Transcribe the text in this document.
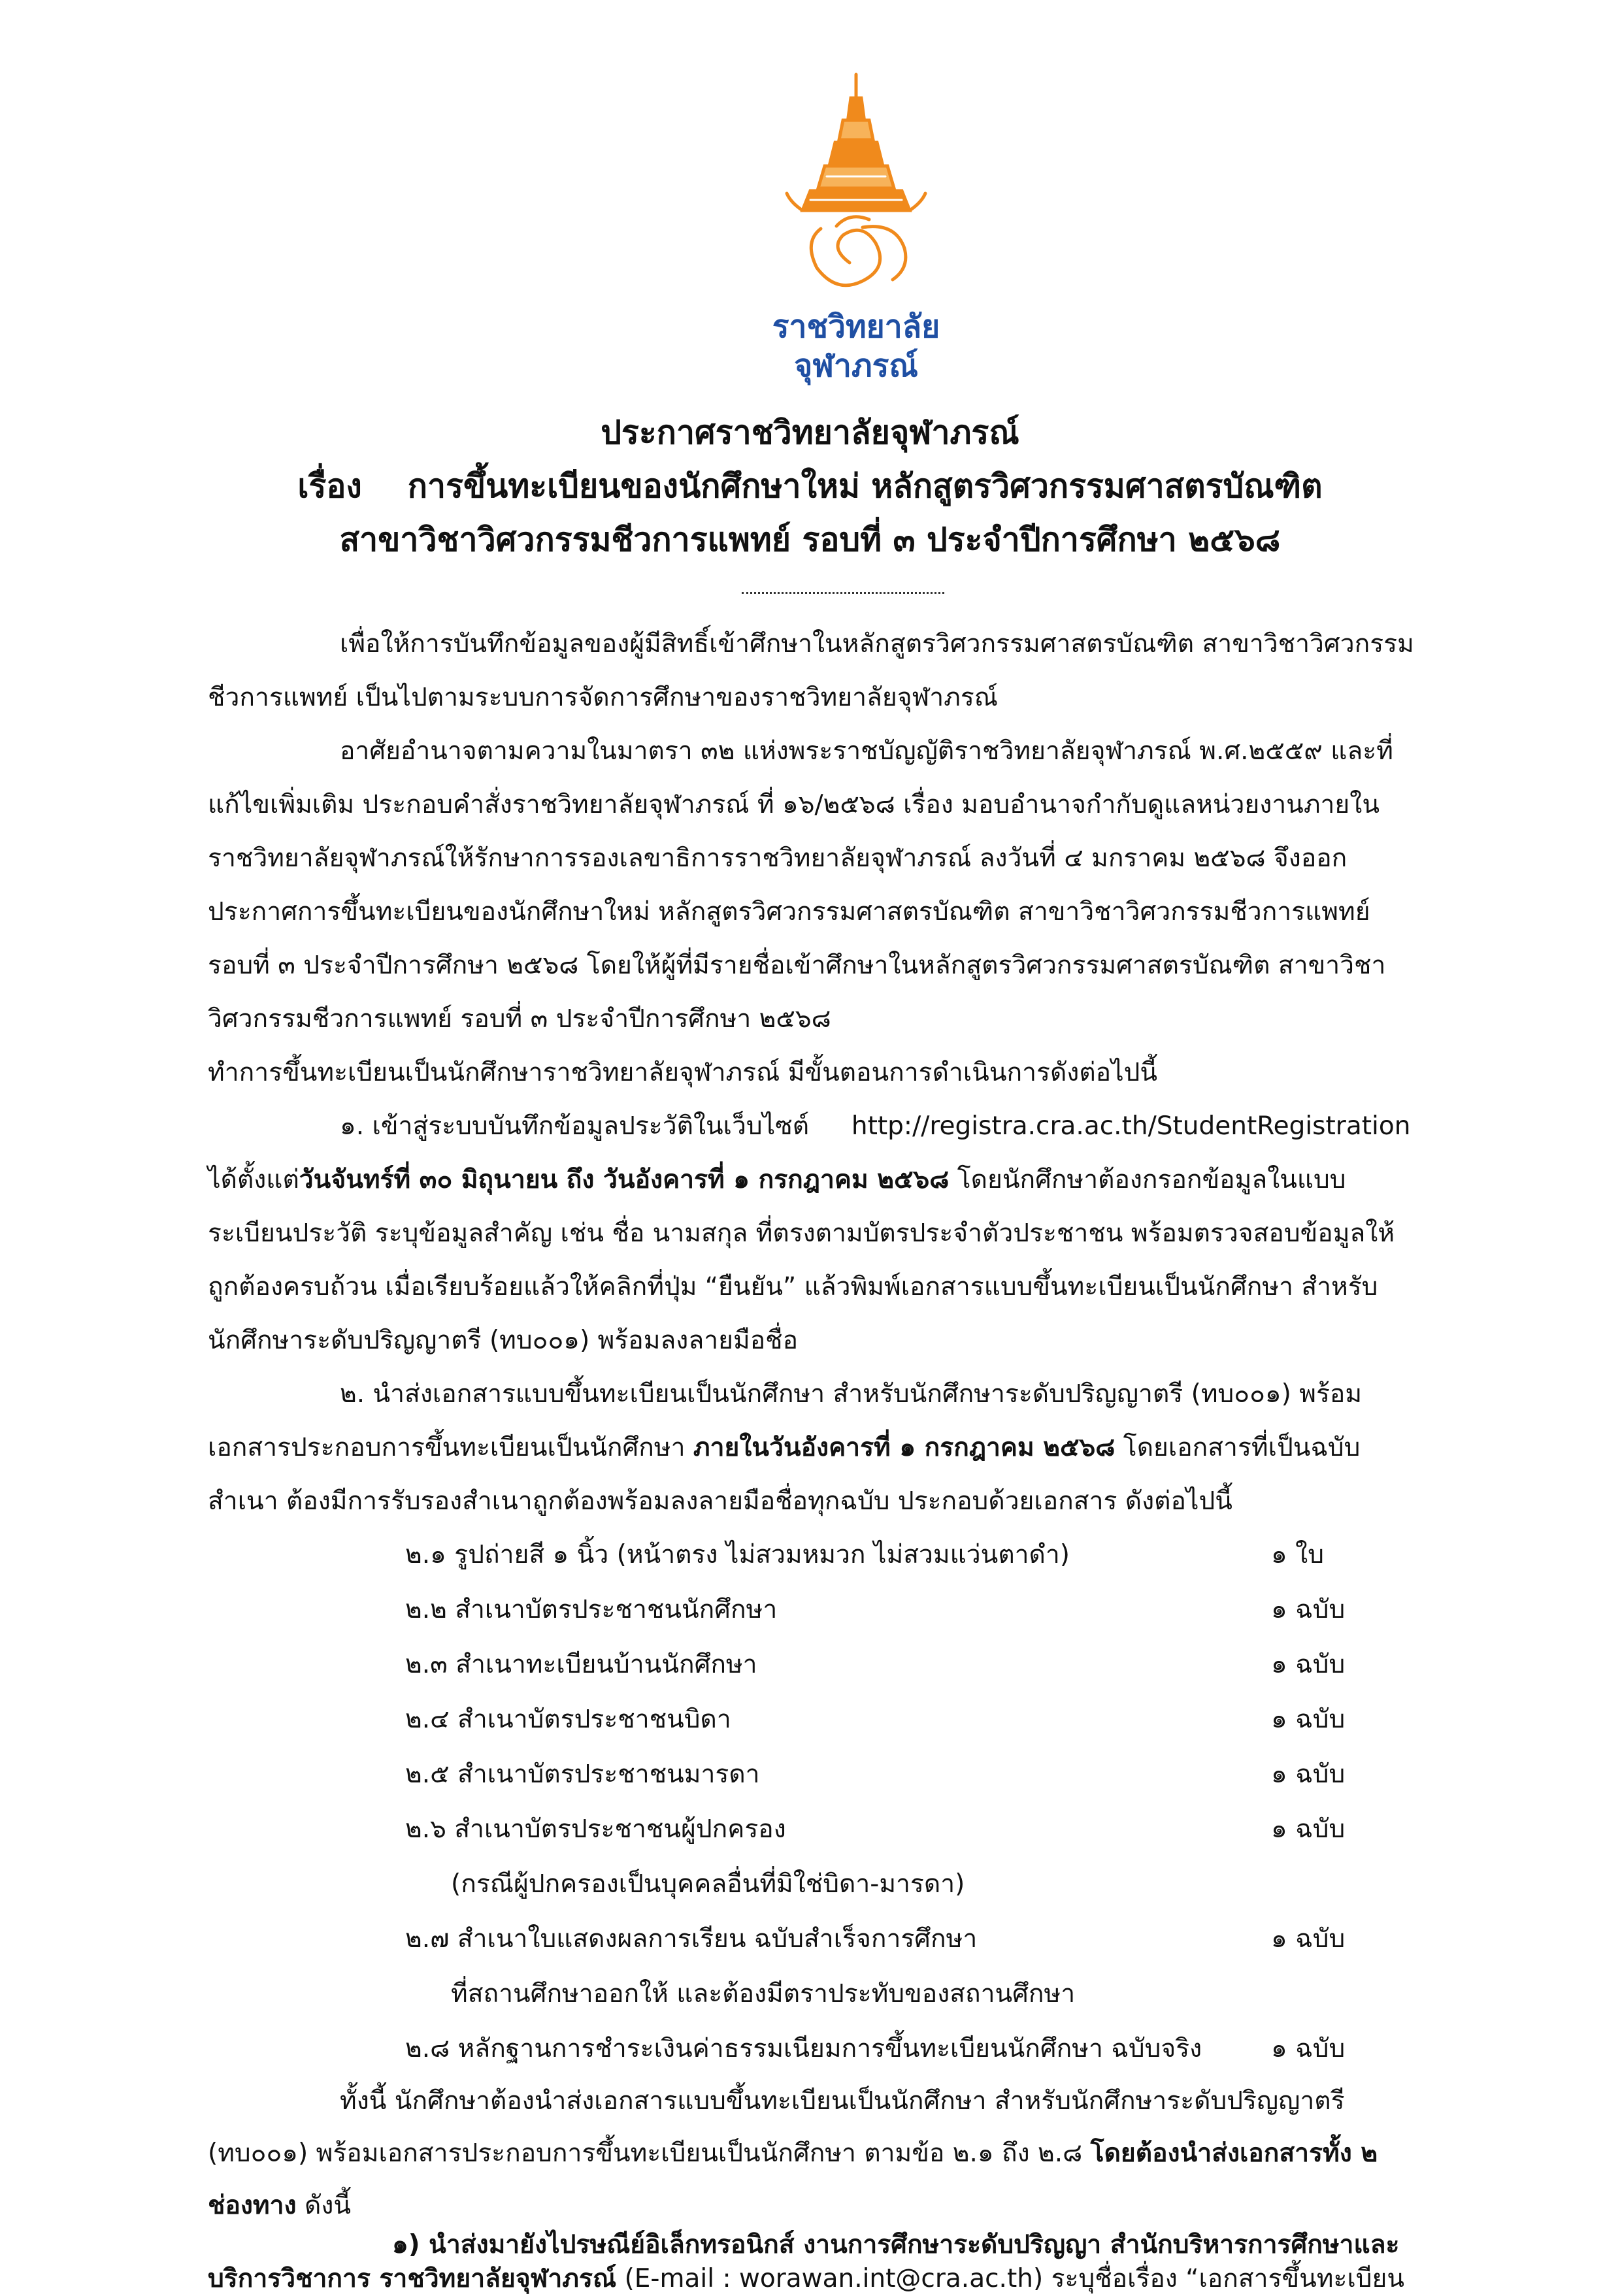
ราชวิทยาลัย
จุฬาภรณ์
ประกาศราชวิทยาลัยจุฬาภรณ์
เรื่อง การขึ้นทะเบียนของนักศึกษาใหม่ หลักสูตรวิศวกรรมศาสตรบัณฑิต
สาขาวิชาวิศวกรรมชีวการแพทย์ รอบที่ ๓ ประจำปีการศึกษา ๒๕๖๘
เพื่อให้การบันทึกข้อมูลของผู้มีสิทธิ์เข้าศึกษาในหลักสูตรวิศวกรรมศาสตรบัณฑิต สาขาวิชาวิศวกรรม
ชีวการแพทย์ เป็นไปตามระบบการจัดการศึกษาของราชวิทยาลัยจุฬาภรณ์
อาศัยอำนาจตามความในมาตรา ๓๒ แห่งพระราชบัญญัติราชวิทยาลัยจุฬาภรณ์ พ.ศ.๒๕๕๙ และที่
แก้ไขเพิ่มเติม ประกอบคำสั่งราชวิทยาลัยจุฬาภรณ์ ที่ ๑๖/๒๕๖๘ เรื่อง มอบอำนาจกำกับดูแลหน่วยงานภายใน
ราชวิทยาลัยจุฬาภรณ์ให้รักษาการรองเลขาธิการราชวิทยาลัยจุฬาภรณ์ ลงวันที่ ๔ มกราคม ๒๕๖๘ จึงออก
ประกาศการขึ้นทะเบียนของนักศึกษาใหม่ หลักสูตรวิศวกรรมศาสตรบัณฑิต สาขาวิชาวิศวกรรมชีวการแพทย์
รอบที่ ๓ ประจำปีการศึกษา ๒๕๖๘ โดยให้ผู้ที่มีรายชื่อเข้าศึกษาในหลักสูตรวิศวกรรมศาสตรบัณฑิต สาขาวิชา
วิศวกรรมชีวการแพทย์ รอบที่ ๓ ประจำปีการศึกษา ๒๕๖๘
ทำการขึ้นทะเบียนเป็นนักศึกษาราชวิทยาลัยจุฬาภรณ์ มีขั้นตอนการดำเนินการดังต่อไปนี้
๑. เข้าสู่ระบบบันทึกข้อมูลประวัติในเว็บไซต์ http://registra.cra.ac.th/StudentRegistration
ได้ตั้งแต่วันจันทร์ที่ ๓๐ มิถุนายน ถึง วันอังคารที่ ๑ กรกฎาคม ๒๕๖๘ โดยนักศึกษาต้องกรอกข้อมูลในแบบ
ระเบียนประวัติ ระบุข้อมูลสำคัญ เช่น ชื่อ นามสกุล ที่ตรงตามบัตรประจำตัวประชาชน พร้อมตรวจสอบข้อมูลให้
ถูกต้องครบถ้วน เมื่อเรียบร้อยแล้วให้คลิกที่ปุ่ม “ยืนยัน” แล้วพิมพ์เอกสารแบบขึ้นทะเบียนเป็นนักศึกษา สำหรับ
นักศึกษาระดับปริญญาตรี (ทบ๐๐๑) พร้อมลงลายมือชื่อ
๒. นำส่งเอกสารแบบขึ้นทะเบียนเป็นนักศึกษา สำหรับนักศึกษาระดับปริญญาตรี (ทบ๐๐๑) พร้อม
เอกสารประกอบการขึ้นทะเบียนเป็นนักศึกษา ภายในวันอังคารที่ ๑ กรกฎาคม ๒๕๖๘ โดยเอกสารที่เป็นฉบับ
สำเนา ต้องมีการรับรองสำเนาถูกต้องพร้อมลงลายมือชื่อทุกฉบับ ประกอบด้วยเอกสาร ดังต่อไปนี้
๒.๑ รูปถ่ายสี ๑ นิ้ว (หน้าตรง ไม่สวมหมวก ไม่สวมแว่นตาดำ)	๑ ใบ
๒.๒ สำเนาบัตรประชาชนนักศึกษา	๑ ฉบับ
๒.๓ สำเนาทะเบียนบ้านนักศึกษา	๑ ฉบับ
๒.๔ สำเนาบัตรประชาชนบิดา	๑ ฉบับ
๒.๕ สำเนาบัตรประชาชนมารดา	๑ ฉบับ
๒.๖ สำเนาบัตรประชาชนผู้ปกครอง	๑ ฉบับ
(กรณีผู้ปกครองเป็นบุคคลอื่นที่มิใช่บิดา-มารดา)
๒.๗ สำเนาใบแสดงผลการเรียน ฉบับสำเร็จการศึกษา	๑ ฉบับ
ที่สถานศึกษาออกให้ และต้องมีตราประทับของสถานศึกษา
๒.๘ หลักฐานการชำระเงินค่าธรรมเนียมการขึ้นทะเบียนนักศึกษา ฉบับจริง	๑ ฉบับ
ทั้งนี้ นักศึกษาต้องนำส่งเอกสารแบบขึ้นทะเบียนเป็นนักศึกษา สำหรับนักศึกษาระดับปริญญาตรี
(ทบ๐๐๑) พร้อมเอกสารประกอบการขึ้นทะเบียนเป็นนักศึกษา ตามข้อ ๒.๑ ถึง ๒.๘ โดยต้องนำส่งเอกสารทั้ง ๒
ช่องทาง ดังนี้
๑) นำส่งมายังไปรษณีย์อิเล็กทรอนิกส์ งานการศึกษาระดับปริญญา สำนักบริหารการศึกษาและ
บริการวิชาการ ราชวิทยาลัยจุฬาภรณ์ (E-mail : worawan.int@cra.ac.th) ระบุชื่อเรื่อง “เอกสารขึ้นทะเบียน
